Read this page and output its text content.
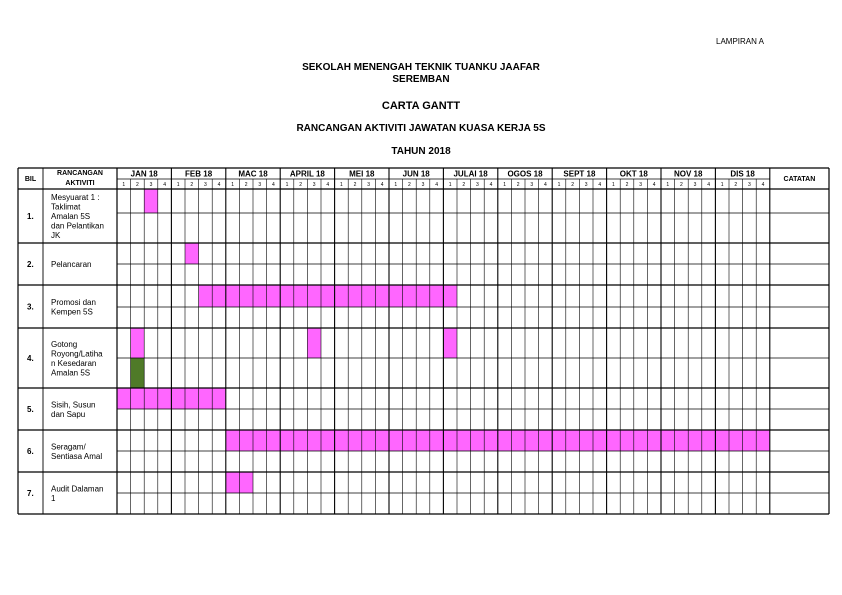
LAMPIRAN A
SEKOLAH MENENGAH TEKNIK TUANKU JAAFAR
SEREMBAN
CARTA GANTT
RANCANGAN AKTIVITI JAWATAN KUASA KERJA 5S
TAHUN 2018
BIL
RANCANGAN
AKTIVITI
CATATAN
JAN 18
1 2 3 4
FEB 18
1 2 3 4
MAC 18
1 2 3 4
APRIL 18
1 2 3 4
MEI 18
1 2 3 4
JUN 18
1 2 3 4
JULAI 18
1 2 3 4
OGOS 18
1 2 3 4
SEPT 18
1 2 3 4
OKT 18
1 2 3 4
NOV 18
1 2 3 4
DIS 18
1 2 3 4
1.
Mesyuarat 1 :
Taklimat
Amalan 5S
dan Pelantikan
JK
2. Pelancaran
3.
Promosi dan
Kempen 5S
4.
Gotong
Royong/Latiha
n Kesedaran
Amalan 5S
5.
Sisih, Susun
dan Sapu
6.
Seragam/
Sentiasa Amal
7.
Audit Dalaman
1
